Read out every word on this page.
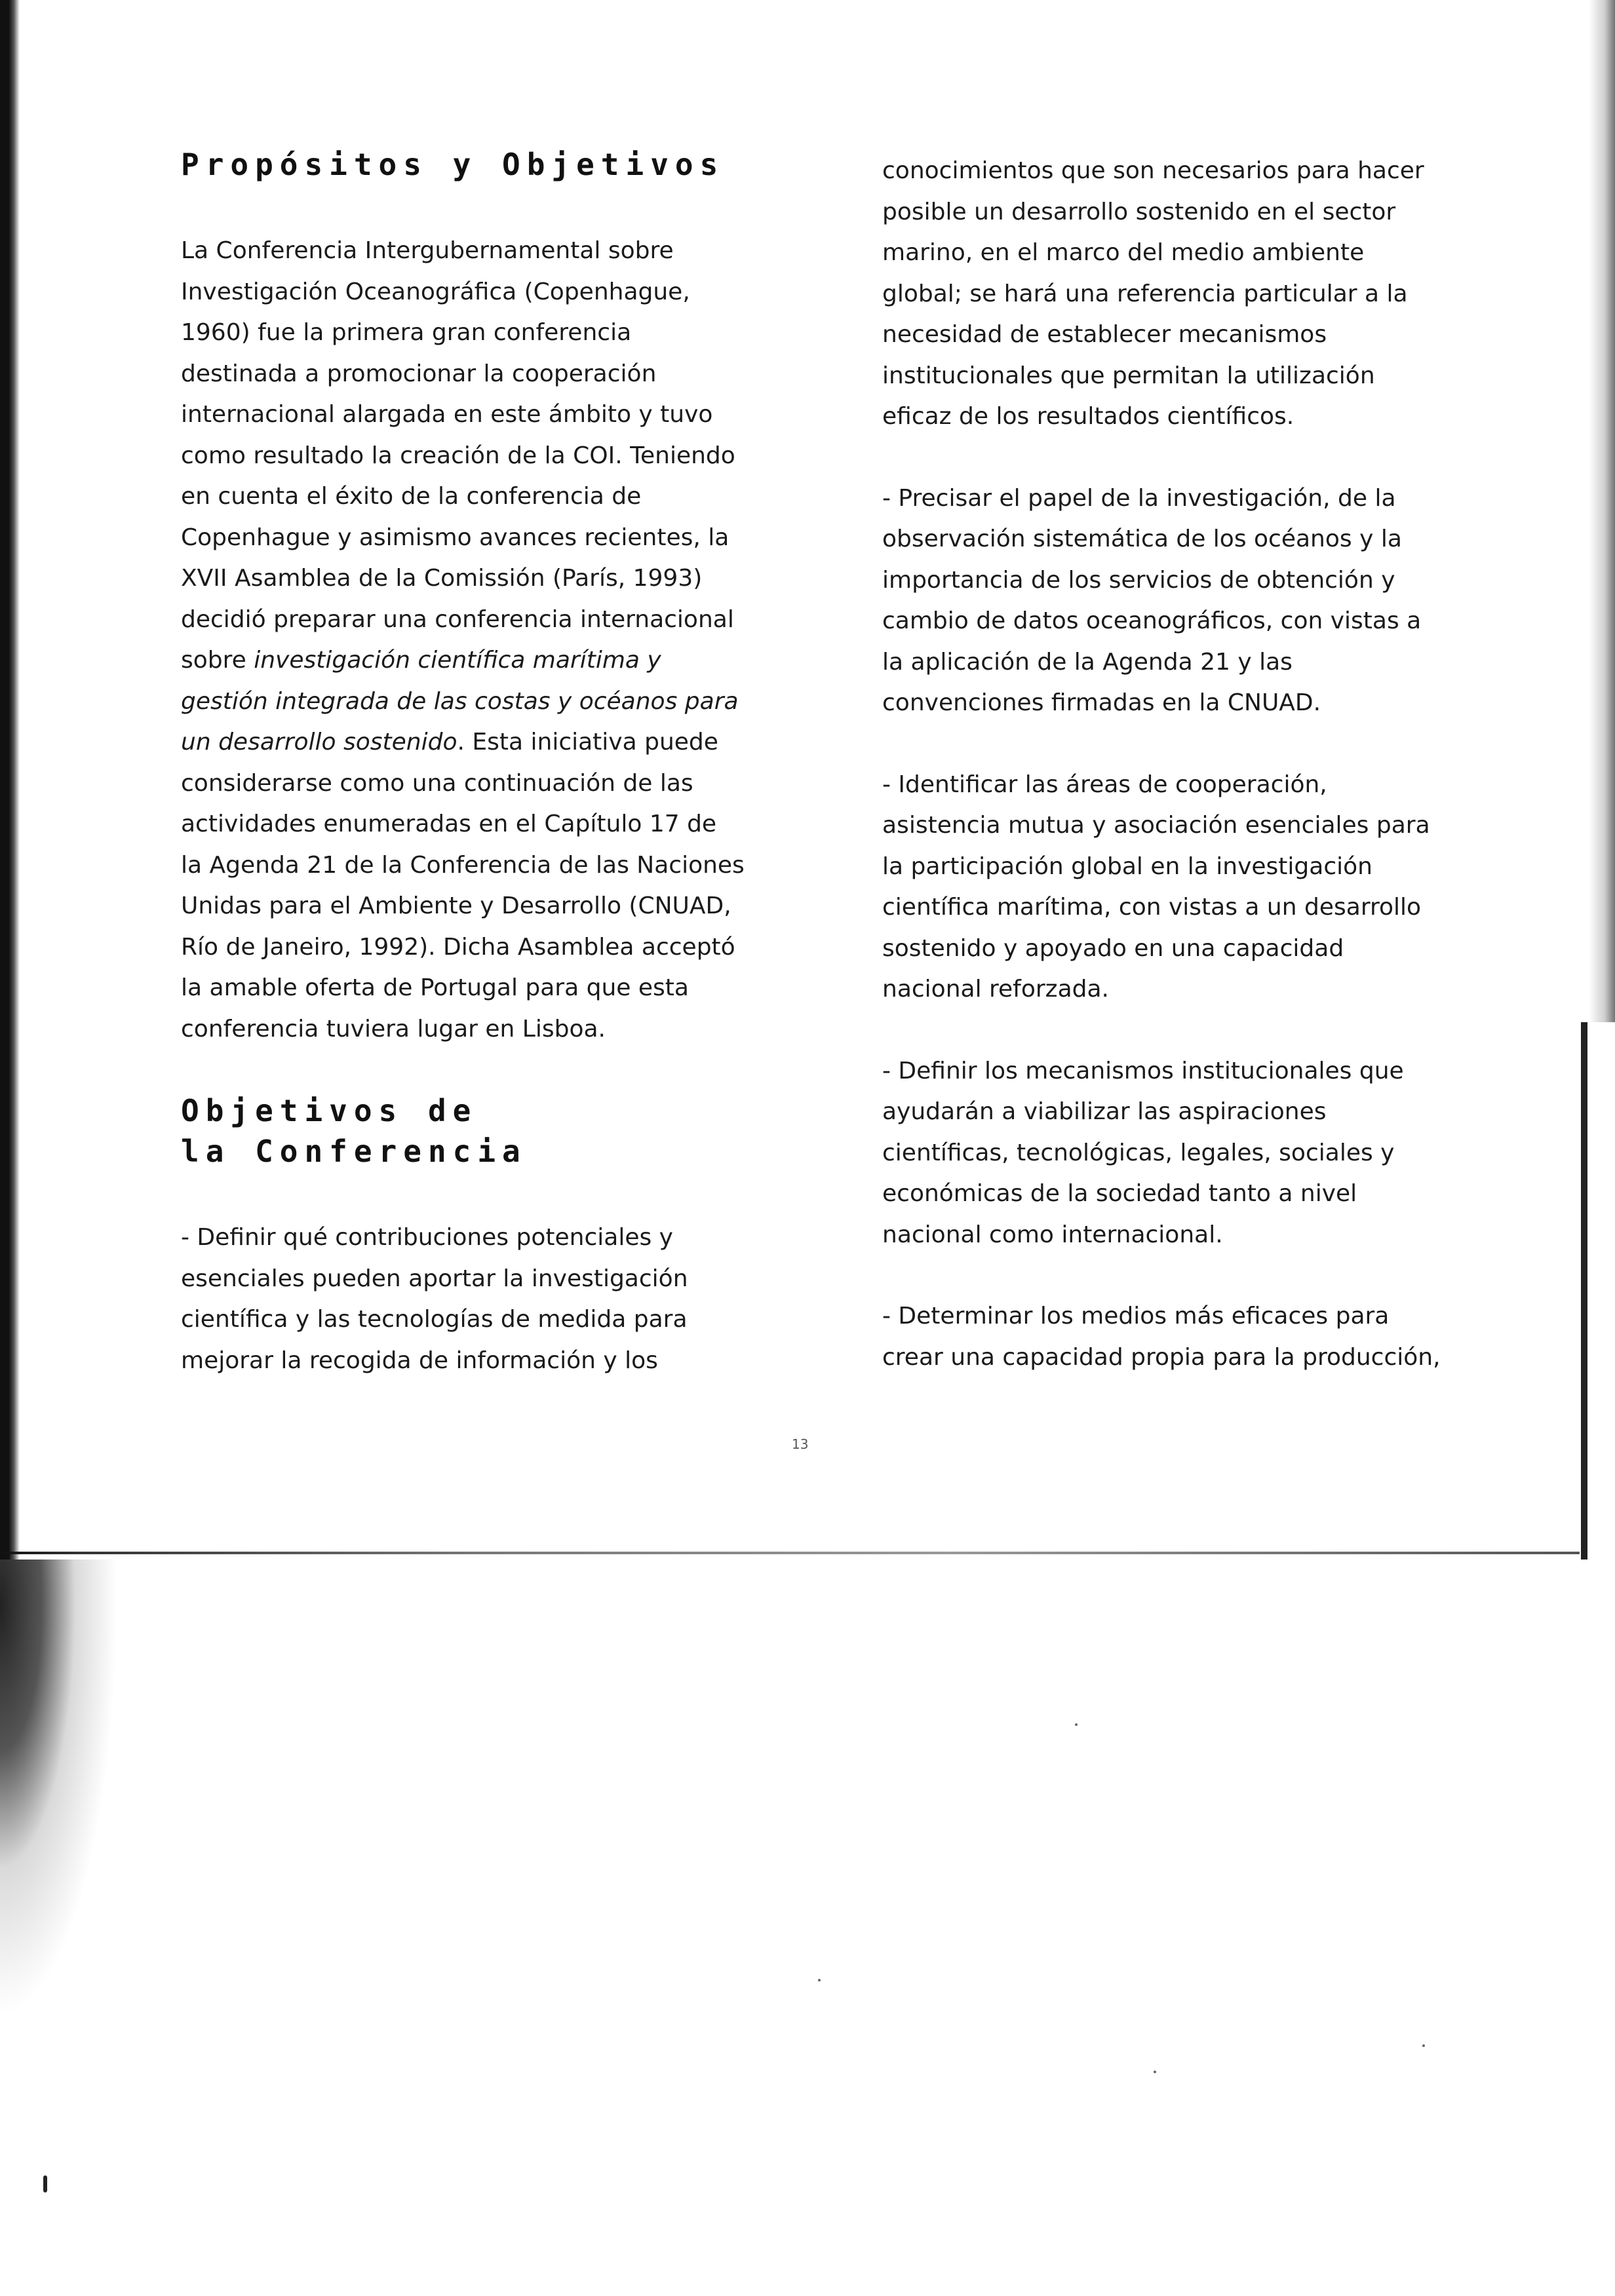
Propósitos y Objetivos

La Conferencia Intergubernamental sobre Investigación Oceanográfica (Copenhague, 1960) fue la primera gran conferencia destinada a promocionar la cooperación internacional alargada en este ámbito y tuvo como resultado la creación de la COI. Teniendo en cuenta el éxito de la conferencia de Copenhague y asimismo avances recientes, la XVII Asamblea de la Comissión (París, 1993) decidió preparar una conferencia internacional sobre investigación científica marítima y gestión integrada de las costas y océanos para un desarrollo sostenido. Esta iniciativa puede considerarse como una continuación de las actividades enumeradas en el Capítulo 17 de la Agenda 21 de la Conferencia de las Naciones Unidas para el Ambiente y Desarrollo (CNUAD, Río de Janeiro, 1992). Dicha Asamblea acceptó la amable oferta de Portugal para que esta conferencia tuviera lugar en Lisboa.

Objetivos de la Conferencia

- Definir qué contribuciones potenciales y esenciales pueden aportar la investigación científica y las tecnologías de medida para mejorar la recogida de información y los

conocimientos que son necesarios para hacer posible un desarrollo sostenido en el sector marino, en el marco del medio ambiente global; se hará una referencia particular a la necesidad de establecer mecanismos institucionales que permitan la utilización eficaz de los resultados científicos.

- Precisar el papel de la investigación, de la observación sistemática de los océanos y la importancia de los servicios de obtención y cambio de datos oceanográficos, con vistas a la aplicación de la Agenda 21 y las convenciones firmadas en la CNUAD.

- Identificar las áreas de cooperación, asistencia mutua y asociación esenciales para la participación global en la investigación científica marítima, con vistas a un desarrollo sostenido y apoyado en una capacidad nacional reforzada.

- Definir los mecanismos institucionales que ayudarán a viabilizar las aspiraciones científicas, tecnológicas, legales, sociales y económicas de la sociedad tanto a nivel nacional como internacional.

- Determinar los medios más eficaces para crear una capacidad propia para la producción,

13
